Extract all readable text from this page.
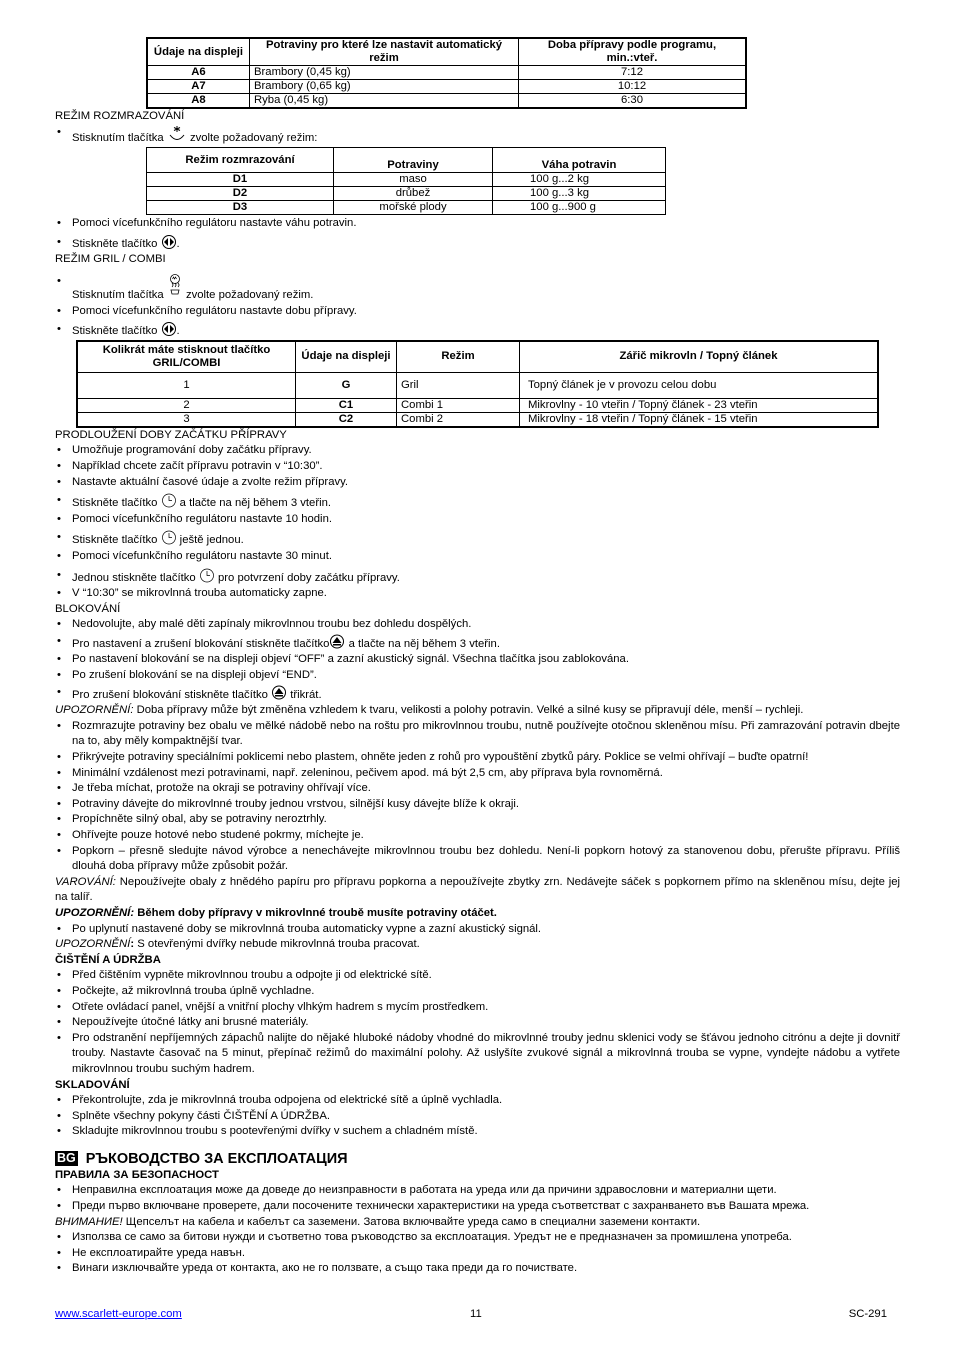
Údaje na displeji	Potraviny pro které lze nastavit automatický režim	Doba přípravy podle programu, min.:vteř.
A6	Brambory (0,45 kg)	7:12
A7	Brambory (0,65 kg)	10:12
A8	Ryba (0,45 kg)	6:30
REŽIM ROZMRAZOVÁNÍ
• Stisknutím tlačítka  zvolte požadovaný režim:
Režim rozmrazování	Potraviny	Váha potravin
D1	maso	100 g...2 kg
D2	drůbež	100 g...3 kg
D3	mořské plody	100 g...900 g
• Pomoci vícefunkčního regulátoru nastavte váhu potravin.
• Stiskněte tlačítko .
REŽIM GRIL / COMBI
• Stisknutím tlačítka  zvolte požadovaný režim.
• Pomoci vícefunkčního regulátoru nastavte dobu přípravy.
• Stiskněte tlačítko .
Kolikrát máte stisknout tlačítko GRIL/COMBI	Údaje na displeji	Režim	Zářič mikrovln / Topný článek
1	G	Gril	Topný článek je v provozu celou dobu
2	C1	Combi 1	Mikrovlny - 10 vteřin / Topný článek - 23 vteřin
3	C2	Combi 2	Mikrovlny - 18 vteřin / Topný článek - 15 vteřin
PRODLOUŽENÍ DOBY ZAČÁTKU PŘÍPRAVY
• Umožňuje programování doby začátku přípravy.
• Například chcete začít přípravu potravin v “10:30”.
• Nastavte aktuální časové údaje a zvolte režim přípravy.
• Stiskněte tlačítko  a tlačte na něj během 3 vteřin.
• Pomoci vícefunkčního regulátoru nastavte 10 hodin.
• Stiskněte tlačítko  ještě jednou.
• Pomoci vícefunkčního regulátoru nastavte 30 minut.
• Jednou stiskněte tlačítko  pro potvrzení doby začátku přípravy.
• V “10:30” se mikrovlnná trouba automaticky zapne.
BLOKOVÁNÍ
• Nedovolujte, aby malé děti zapínaly mikrovlnnou troubu bez dohledu dospělých.
• Pro nastavení a zrušení blokování stiskněte tlačítko a tlačte na něj během 3 vteřin.
• Po nastavení blokování se na displeji objeví “OFF” a zazní akustický signál. Všechna tlačítka jsou zablokována.
• Po zrušení blokování se na displeji objeví “END”.
• Pro zrušení blokování stiskněte tlačítko  třikrát.

UPOZORNĚNÍ: Doba přípravy může být změněna vzhledem k tvaru, velikosti a polohy potravin. Velké a silné kusy se připravují déle, menší – rychleji.

• Rozmrazujte potraviny bez obalu ve mělké nádobě nebo na roštu pro mikrovlnnou troubu, nutně používejte otočnou skleněnou mísu. Při zamrazování potravin dbejte na to, aby měly kompaktnější tvar.
• Přikrývejte potraviny speciálními poklicemi nebo plastem, ohněte jeden z rohů pro vypouštění zbytků páry. Poklice se velmi ohřívají – buďte opatrní!
• Minimální vzdálenost mezi potravinami, např. zeleninou, pečivem apod. má být 2,5 cm, aby příprava byla rovnoměrná.
• Je třeba míchat, protože na okraji se potraviny ohřívají více.
• Potraviny dávejte do mikrovlnné trouby jednou vrstvou, silnější kusy dávejte blíže k okraji.
• Propíchněte silný obal, aby se potraviny neroztrhly.
• Ohřívejte pouze hotové nebo studené pokrmy, míchejte je.
• Popkorn – přesně sledujte návod výrobce a nenechávejte mikrovlnnou troubu bez dohledu. Není-li popkorn hotový za stanovenou dobu, přerušte přípravu. Příliš dlouhá doba přípravy může způsobit požár.

VAROVÁNÍ: Nepoužívejte obaly z hnědého papíru pro přípravu popkorna a nepoužívejte zbytky zrn. Nedávejte sáček s popkornem přímo na skleněnou mísu, dejte jej na talíř.

UPOZORNĚNÍ: Během doby přípravy v mikrovlnné troubě musíte potraviny otáčet.

• Po uplynutí nastavené doby se mikrovlnná trouba automaticky vypne a zazní akustický signál.

UPOZORNĚNÍ: S otevřenými dvířky nebude mikrovlnná trouba pracovat.

ČIŠTĚNÍ A ÚDRŽBA
• Před čištěním vypněte mikrovlnnou troubu a odpojte ji od elektrické sítě.
• Počkejte, až mikrovlnná trouba úplně vychladne.
• Otřete ovládací panel, vnější a vnitřní plochy vlhkým hadrem s mycím prostředkem.
• Nepoužívejte útočné látky ani brusné materiály.
• Pro odstranění nepříjemných zápachů nalijte do nějaké hluboké nádoby vhodné do mikrovlnné trouby jednu sklenici vody se šťávou jednoho citrónu a dejte ji dovnitř trouby. Nastavte časovač na 5 minut, přepínač režimů do maximální polohy. Až uslyšíte zvukové signál a mikrovlnná trouba se vypne, vyndejte nádobu a vytřete mikrovlnnou troubu suchým hadrem.
SKLADOVÁNÍ
• Překontrolujte, zda je mikrovlnná trouba odpojena od elektrické sítě a úplně vychladla.
• Splněte všechny pokyny části ČIŠTĚNÍ A ÚDRŽBA.
• Skladujte mikrovlnnou troubu s pootevřenými dvířky v suchem a chladném místě.
BG РЪКОВОДСТВО ЗА ЕКСПЛОАТАЦИЯ
ПРАВИЛА ЗА БЕЗОПАСНОСТ
• Неправилна експлоатация може да доведе до неизправности в работата на уреда или да причини здравословни и материални щети.
• Преди първо включване проверете, дали посочените технически характеристики на уреда съответстват с захранването във Вашата мрежа.

ВНИМАНИЕ! Щепселът на кабела и кабелът са заземени. Затова включвайте уреда само в специални заземени контакти.

• Използва се само за битови нужди и съответно това ръководство за експлоатация. Уредът не е предназначен за промишлена употреба.
• Не експлоатирайте уреда навън.
• Винаги изключвайте уреда от контакта, ако не го ползвате, а също така преди да го почиствате.
www.scarlett-europe.com	11	SC-291
